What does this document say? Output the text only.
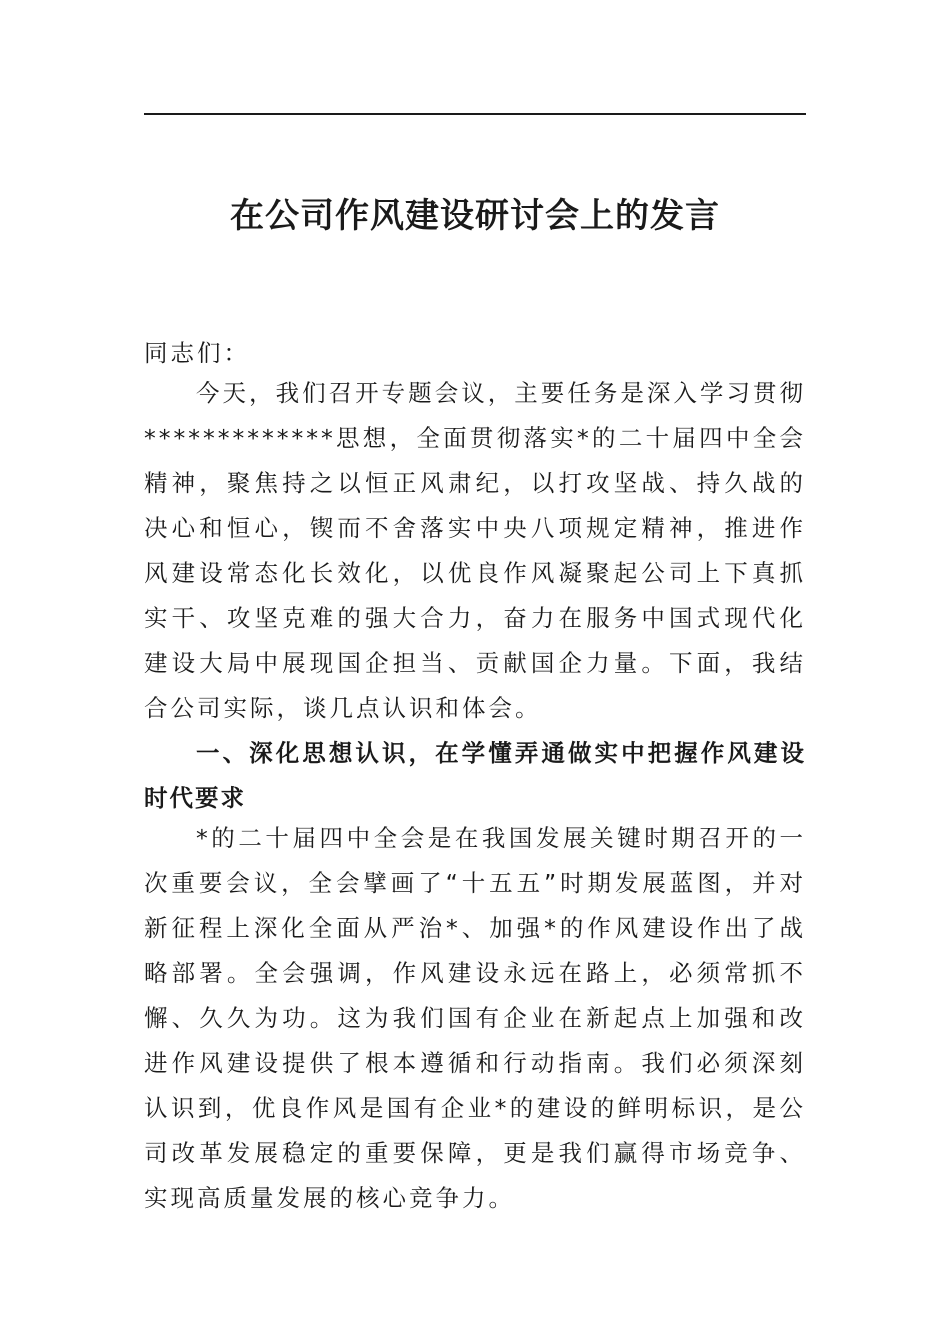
在公司作风建设研讨会上的发言

同志们：

今天，我们召开专题会议，主要任务是深入学习贯彻*************思想，全面贯彻落实*的二十届四中全会精神，聚焦持之以恒正风肃纪，以打攻坚战、持久战的决心和恒心，锲而不舍落实中央八项规定精神，推进作风建设常态化长效化，以优良作风凝聚起公司上下真抓实干、攻坚克难的强大合力，奋力在服务中国式现代化建设大局中展现国企担当、贡献国企力量。下面，我结合公司实际，谈几点认识和体会。

一、深化思想认识，在学懂弄通做实中把握作风建设时代要求

*的二十届四中全会是在我国发展关键时期召开的一次重要会议，全会擘画了“十五五”时期发展蓝图，并对新征程上深化全面从严治*、加强*的作风建设作出了战略部署。全会强调，作风建设永远在路上，必须常抓不懈、久久为功。这为我们国有企业在新起点上加强和改进作风建设提供了根本遵循和行动指南。我们必须深刻认识到，优良作风是国有企业*的建设的鲜明标识，是公司改革发展稳定的重要保障，更是我们赢得市场竞争、实现高质量发展的核心竞争力。
